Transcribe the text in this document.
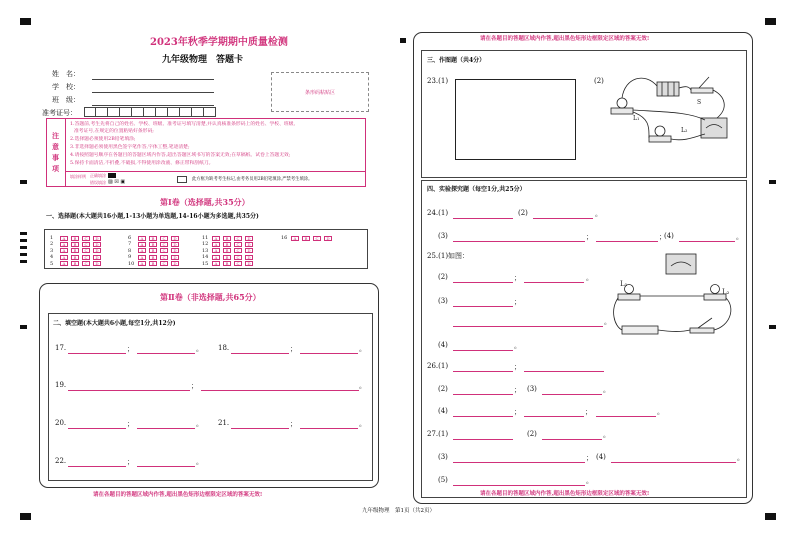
2023年秋季学期期中质量检测
九年级物理　答题卡
姓　名：
学　校：
班　级：
准考证号：
条形码粘贴区
注
意
事
项
1.答题前,考生先将自己的姓名、学校、班级、准考证号填写清楚,并认真核准条形码上的姓名、学校、班级、
准考证号,在规定的位置粘贴好条形码;
2.选择题必须使用2B铅笔填涂;
3.非选择题必须使用黑色签字笔作答,字体工整,笔迹清楚;
4.请按照题号顺序在各题目的答题区域内作答,超出答题区域书写的答案无效;在草稿纸、试卷上答题无效;
5.保持卡面清洁,不折叠,不破损,不得使用涂改液、修正带和刮纸刀。
填涂样例 正确填涂
错误填涂 ▨ ☒ ▣	此方框为缺考考生标记,由考务员用2B铅笔填涂,严禁考生填涂。
第Ⅰ卷（选择题,共35分）
一、选择题(本大题共16小题,1-13小题为单选题,14-16小题为多选题,共35分)
1	A	B	C	D
2	A	B	C	D
3	A	B	C	D
4	A	B	C	D
5	A	B	C	D
6	A	B	C	D
7	A	B	C	D
8	A	B	C	D
9	A	B	C	D
10	A	B	C	D
11	A	B	C	D
12	A	B	C	D
13	A	B	C	D
14	A	B	C	D
15	A	B	C	D
16	A	B	C	D
第Ⅱ卷（非选择题,共65分）
二、填空题(本大题共6小题,每空1分,共12分)
17.	；	。 18.	；	。
19.	；	。
20.	；	。 21.	；	。
22.	；	。
请在各题目的答题区域内作答,超出黑色矩形边框限定区域的答案无效!
请在各题目的答题区域内作答,超出黑色矩形边框限定区域的答案无效!
三、作图题（共4分）
23.(1)	(2)
L₁
L₂
S
四、实验探究题（每空1分,共25分）
24.(1)	(2)	。
(3)	；	；
(4)	。
25.(1)如图：
(2)	；	。
(3)	；
。
(4)	。
L₁
L₂
26.(1)	；
(2)	； (3)	。
(4)	；	；	。
27.(1)	(2)	。
(3)	； (4)	。
(5)	。
请在各题目的答题区域内作答,超出黑色矩形边框限定区域的答案无效!
九年级物理　第1页（共2页）
